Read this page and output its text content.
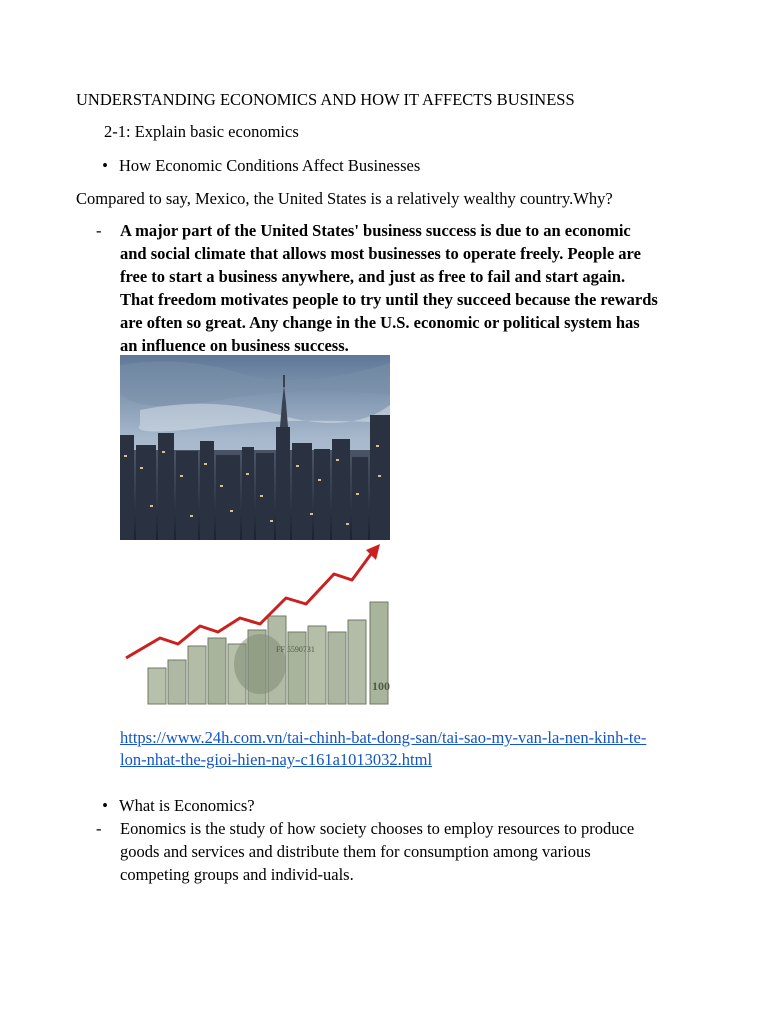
UNDERSTANDING ECONOMICS AND HOW IT AFFECTS BUSINESS
2-1: Explain basic economics
• How Economic Conditions Affect Businesses
Compared to say, Mexico, the United States is a relatively wealthy country.Why?
- A major part of the United States' business success is due to an economic
and social climate that allows most businesses to operate freely. People are
free to start a business anywhere, and just as free to fail and start again.
That freedom motivates people to try until they succeed because the rewards
are often so great. Any change in the U.S. economic or political system has
an influence on business success.
FF 5590731
100
https://www.24h.com.vn/tai-chinh-bat-dong-san/tai-sao-my-van-la-nen-kinh-te-
lon-nhat-the-gioi-hien-nay-c161a1013032.html
• What is Economics?
- Eonomics is the study of how society chooses to employ resources to produce
goods and services and distribute them for consumption among various
competing groups and individ-uals.
